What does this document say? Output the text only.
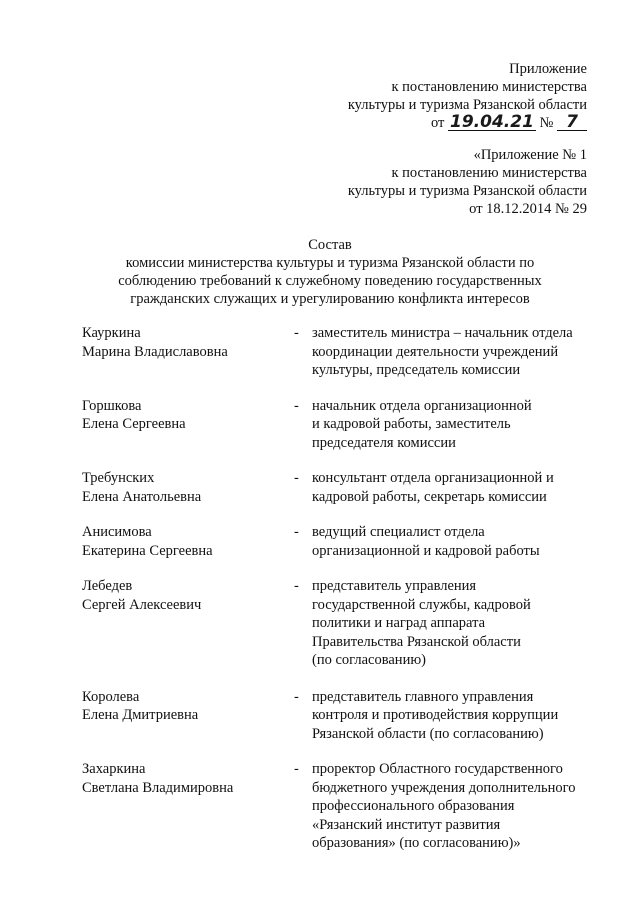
Приложение
к постановлению министерства
культуры и туризма Рязанской области
от 19.04.21 № 7
«Приложение № 1
к постановлению министерства
культуры и туризма Рязанской области
от 18.12.2014 № 29
Состав
комиссии министерства культуры и туризма Рязанской области по
соблюдению требований к служебному поведению государственных
гражданских служащих и урегулированию конфликта интересов
Кауркина
Марина Владиславовна
- заместитель министра – начальник отдела
координации деятельности учреждений
культуры, председатель комиссии
Горшкова
Елена Сергеевна
- начальник отдела организационной
и кадровой работы, заместитель
председателя комиссии
Требунских
Елена Анатольевна
- консультант отдела организационной и
кадровой работы, секретарь комиссии
Анисимова
Екатерина Сергеевна
- ведущий специалист отдела
организационной и кадровой работы
Лебедев
Сергей Алексеевич
- представитель управления
государственной службы, кадровой
политики и наград аппарата
Правительства Рязанской области
(по согласованию)
Королева
Елена Дмитриевна
- представитель главного управления
контроля и противодействия коррупции
Рязанской области (по согласованию)
Захаркина
Светлана Владимировна
- проректор Областного государственного
бюджетного учреждения дополнительного
профессионального образования
«Рязанский институт развития
образования» (по согласованию)»
